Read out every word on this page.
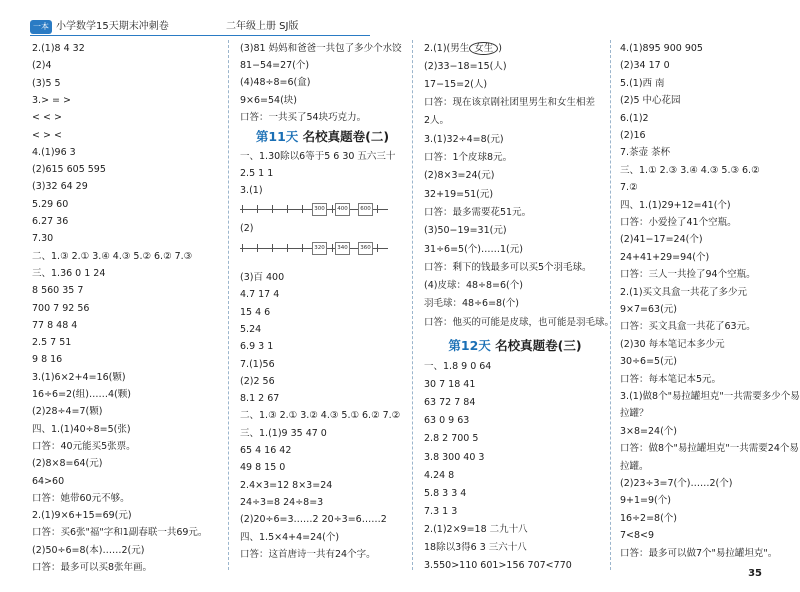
一本 小学数学15天期末冲刺卷	二年级上册 SJ版
2.(1)8 4 32
(2)4
(3)5 5
3.> = >
< < >
< > <
4.(1)96 3
(2)615 605 595
(3)32 64 29
5.29 60
6.27 36
7.30
二、1.③ 2.① 3.④ 4.③ 5.② 6.② 7.③
三、1.36 0 1 24
8 560 35 7
700 7 92 56
77 8 48 4
2.5 7 51
9 8 16
3.(1)6×2+4=16(颗)
16÷6=2(组)……4(颗)
(2)28÷4=7(颗)
四、1.(1)40÷8=5(张)
口答：40元能买5张票。
(2)8×8=64(元)
64>60
口答：她带60元不够。
2.(1)9×6+15=69(元)
口答：买6张"福"字和1副春联一共69元。
(2)50÷6=8(本)……2(元)
口答：最多可以买8张年画。
(3)81 妈妈和爸爸一共包了多少个水饺
81−54=27(个)
(4)48÷8=6(盒)
9×6=54(块)
口答：一共买了54块巧克力。
第11天 名校真题卷(二)
一、1.30除以6等于5 6 30 五六三十
2.5 1 1
3.(1)
300	400	600
(2)
320	340	360
(3)百 400
4.7 17 4
15 4 6
5.24
6.9 3 1
7.(1)56
(2)2 56
8.1 2 67
二、1.③ 2.① 3.② 4.③ 5.① 6.② 7.②
三、1.(1)9 35 47 0
65 4 16 42
49 8 15 0
2.4×3=12 8×3=24
24÷3=8 24÷8=3
(2)20÷6=3……2 20÷3=6……2
四、1.5×4+4=24(个)
口答：这首唐诗一共有24个字。
2.(1)(男生 女生 )
(2)33−18=15(人)
17−15=2(人)
口答：现在该京剧社团里男生和女生相差
2人。
3.(1)32÷4=8(元)
口答：1个皮球8元。
(2)8×3=24(元)
32+19=51(元)
口答：最多需要花51元。
(3)50−19=31(元)
31÷6=5(个)……1(元)
口答：剩下的钱最多可以买5个羽毛球。
(4)皮球：48÷8=6(个)
羽毛球：48÷6=8(个)
口答：他买的可能是皮球，也可能是羽毛球。
第12天 名校真题卷(三)
一、1.8 9 0 64
30 7 18 41
63 72 7 84
63 0 9 63
2.8 2 700 5
3.8 300 40 3
4.24 8
5.8 3 3 4
7.3 1 3
2.(1)2×9=18 二九十八
18除以3得6 3 三六十八
3.550>110 601>156 707<770
4.(1)895 900 905
(2)34 17 0
5.(1)西 南
(2)5 中心花园
6.(1)2
(2)16
7.茶壶 茶杯
三、1.① 2.③ 3.④ 4.③ 5.③ 6.②
7.②
四、1.(1)29+12=41(个)
口答：小爱捡了41个空瓶。
(2)41−17=24(个)
24+41+29=94(个)
口答：三人一共捡了94个空瓶。
2.(1)买文具盒一共花了多少元
9×7=63(元)
口答：买文具盒一共花了63元。
(2)30 每本笔记本多少元
30÷6=5(元)
口答：每本笔记本5元。
3.(1)做8个"易拉罐坦克"一共需要多少个易
拉罐？
3×8=24(个)
口答：做8个"易拉罐坦克"一共需要24个易
拉罐。
(2)23÷3=7(个)……2(个)
9+1=9(个)
16÷2=8(个)
7<8<9
口答：最多可以做7个"易拉罐坦克"。
35
